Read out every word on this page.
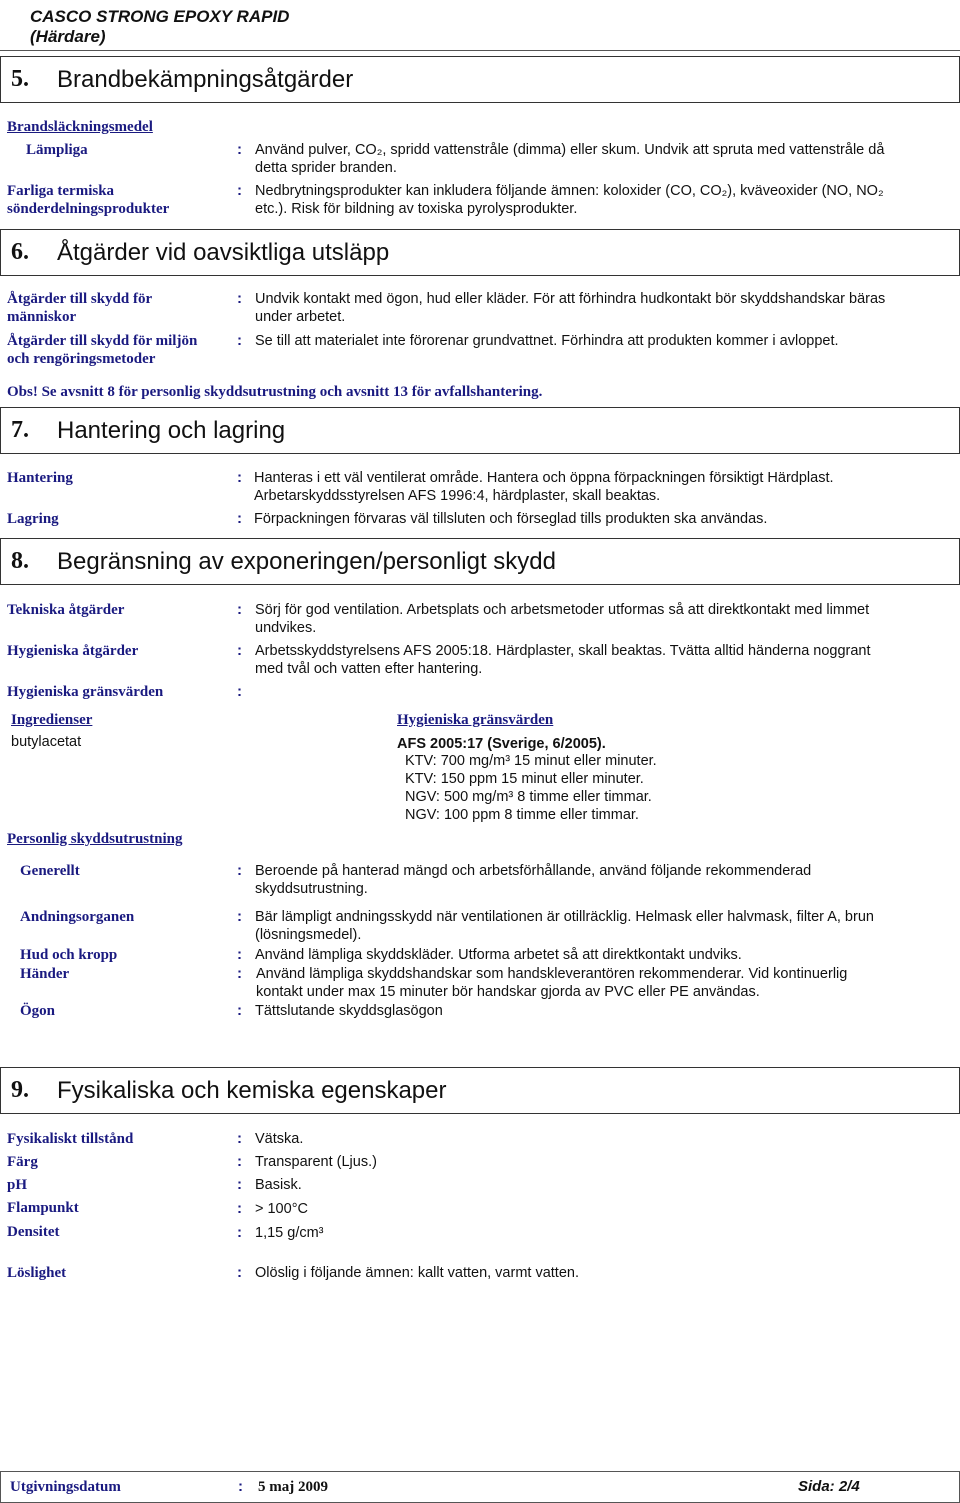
CASCO STRONG EPOXY RAPID
(Härdare)
5.	Brandbekämpningsåtgärder
Brandsläckningsmedel
Lämpliga	: Använd pulver, CO₂, spridd vattenstråle (dimma) eller skum. Undvik att spruta med vattenstråle då
detta sprider branden.
Farliga termiska
sönderdelningsprodukter
: Nedbrytningsprodukter kan inkludera följande ämnen: koloxider (CO, CO₂), kväveoxider (NO, NO₂
etc.). Risk för bildning av toxiska pyrolysprodukter.
6.	Åtgärder vid oavsiktliga utsläpp
Åtgärder till skydd för
människor
: Undvik kontakt med ögon, hud eller kläder. För att förhindra hudkontakt bör skyddshandskar bäras
under arbetet.
Åtgärder till skydd för miljön
och rengöringsmetoder
: Se till att materialet inte förorenar grundvattnet. Förhindra att produkten kommer i avloppet.
Obs! Se avsnitt 8 för personlig skyddsutrustning och avsnitt 13 för avfallshantering.
7.	Hantering och lagring
Hantering	: Hanteras i ett väl ventilerat område. Hantera och öppna förpackningen försiktigt Härdplast.
Arbetarskyddsstyrelsen AFS 1996:4, härdplaster, skall beaktas.
Lagring	: Förpackningen förvaras väl tillsluten och förseglad tills produkten ska användas.
8.	Begränsning av exponeringen/personligt skydd
Tekniska åtgärder	: Sörj för god ventilation. Arbetsplats och arbetsmetoder utformas så att direktkontakt med limmet
undvikes.
Hygieniska åtgärder	: Arbetsskyddstyrelsens AFS 2005:18. Härdplaster, skall beaktas. Tvätta alltid händerna noggrant
med tvål och vatten efter hantering.
Hygieniska gränsvärden	:
Ingredienser	Hygieniska gränsvärden
butylacetat	AFS 2005:17 (Sverige, 6/2005).
KTV: 700 mg/m³ 15 minut eller minuter.
KTV: 150 ppm 15 minut eller minuter.
NGV: 500 mg/m³ 8 timme eller timmar.
NGV: 100 ppm 8 timme eller timmar.
Personlig skyddsutrustning
Generellt	: Beroende på hanterad mängd och arbetsförhållande, använd följande rekommenderad
skyddsutrustning.
Andningsorganen	: Bär lämpligt andningsskydd när ventilationen är otillräcklig. Helmask eller halvmask, filter A, brun
(lösningsmedel).
Hud och kropp	: Använd lämpliga skyddskläder. Utforma arbetet så att direktkontakt undviks.
Händer	: Använd lämpliga skyddshandskar som handskleverantören rekommenderar. Vid kontinuerlig
kontakt under max 15 minuter bör handskar gjorda av PVC eller PE användas.
Ögon	: Tättslutande skyddsglasögon
9.	Fysikaliska och kemiska egenskaper
Fysikaliskt tillstånd	: Vätska.
Färg	: Transparent (Ljus.)
pH	: Basisk.
Flampunkt	: > 100°C
Densitet	: 1,15 g/cm³
Löslighet	: Olöslig i följande ämnen: kallt vatten, varmt vatten.
Utgivningsdatum	: 5 maj 2009	Sida: 2/4
